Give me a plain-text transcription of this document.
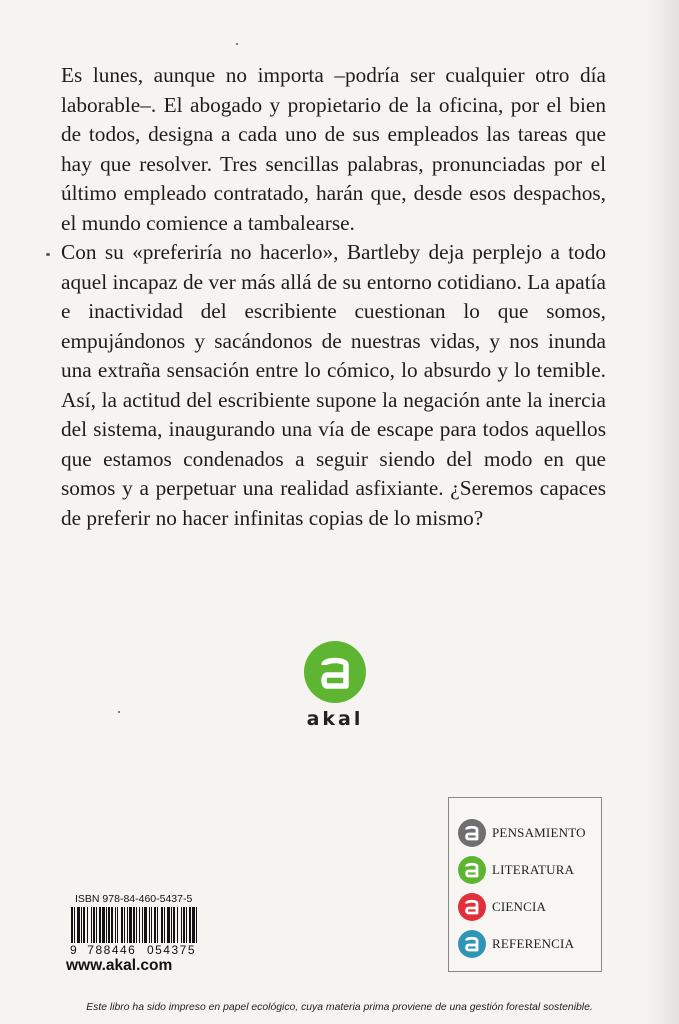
Es lunes, aunque no importa –podría ser cualquier otro día laborable–. El abogado y propietario de la oficina, por el bien de todos, designa a cada uno de sus empleados las tareas que hay que resolver. Tres sencillas palabras, pronunciadas por el último empleado contratado, harán que, desde esos despachos, el mundo comience a tambalearse.

Con su «preferiría no hacerlo», Bartleby deja perplejo a todo aquel incapaz de ver más allá de su entorno cotidiano. La apatía e inactividad del escribiente cuestionan lo que somos, empujándonos y sacándonos de nuestras vidas, y nos inunda una extraña sensación entre lo cómico, lo absurdo y lo temible. Así, la actitud del escribiente supone la negación ante la inercia del sistema, inaugurando una vía de escape para todos aquellos que estamos condenados a seguir siendo del modo en que somos y a perpetuar una realidad asfixiante. ¿Seremos capaces de preferir no hacer infinitas copias de lo mismo?

akal
PENSAMIENTO
LITERATURA
CIENCIA
REFERENCIA
ISBN 978-84-460-5437-5
9 788446 054375
www.akal.com
Este libro ha sido impreso en papel ecológico, cuya materia prima proviene de una gestión forestal sostenible.
